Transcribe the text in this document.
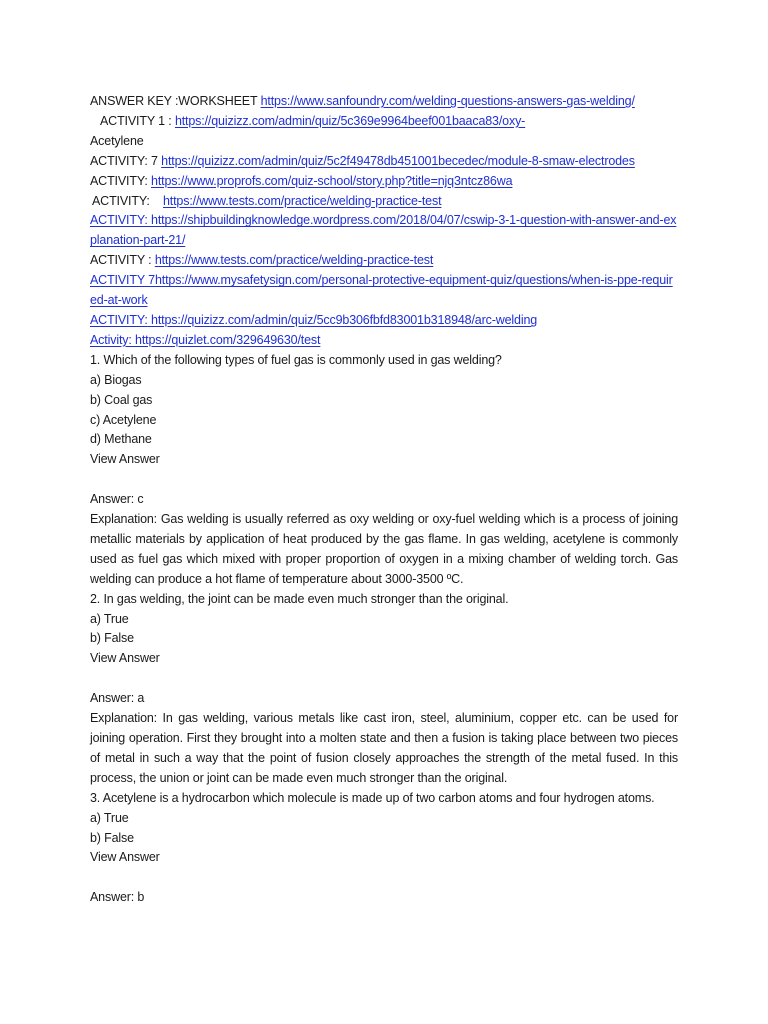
ANSWER KEY :WORKSHEET https://www.sanfoundry.com/welding-questions-answers-gas-welding/
ACTIVITY 1 : https://quizizz.com/admin/quiz/5c369e9964beef001baaca83/oxy-
Acetylene
ACTIVITY: 7 https://quizizz.com/admin/quiz/5c2f49478db451001becedec/module-8-smaw-electrodes
ACTIVITY: https://www.proprofs.com/quiz-school/story.php?title=njq3ntcz86wa
ACTIVITY:    https://www.tests.com/practice/welding-practice-test
ACTIVITY: https://shipbuildingknowledge.wordpress.com/2018/04/07/cswip-3-1-question-with-answer-and-explanation-part-21/
ACTIVITY : https://www.tests.com/practice/welding-practice-test
ACTIVITY 7https://www.mysafetysign.com/personal-protective-equipment-quiz/questions/when-is-ppe-required-at-work
ACTIVITY: https://quizizz.com/admin/quiz/5cc9b306fbfd83001b318948/arc-welding
Activity: https://quizlet.com/329649630/test
1. Which of the following types of fuel gas is commonly used in gas welding?
a) Biogas
b) Coal gas
c) Acetylene
d) Methane
View Answer
Answer: c
Explanation: Gas welding is usually referred as oxy welding or oxy-fuel welding which is a process of joining metallic materials by application of heat produced by the gas flame. In gas welding, acetylene is commonly used as fuel gas which mixed with proper proportion of oxygen in a mixing chamber of welding torch. Gas welding can produce a hot flame of temperature about 3000-3500 ºC.
2. In gas welding, the joint can be made even much stronger than the original.
a) True
b) False
View Answer
Answer: a
Explanation: In gas welding, various metals like cast iron, steel, aluminium, copper etc. can be used for joining operation. First they brought into a molten state and then a fusion is taking place between two pieces of metal in such a way that the point of fusion closely approaches the strength of the metal fused. In this process, the union or joint can be made even much stronger than the original.
3. Acetylene is a hydrocarbon which molecule is made up of two carbon atoms and four hydrogen atoms.
a) True
b) False
View Answer
Answer: b
